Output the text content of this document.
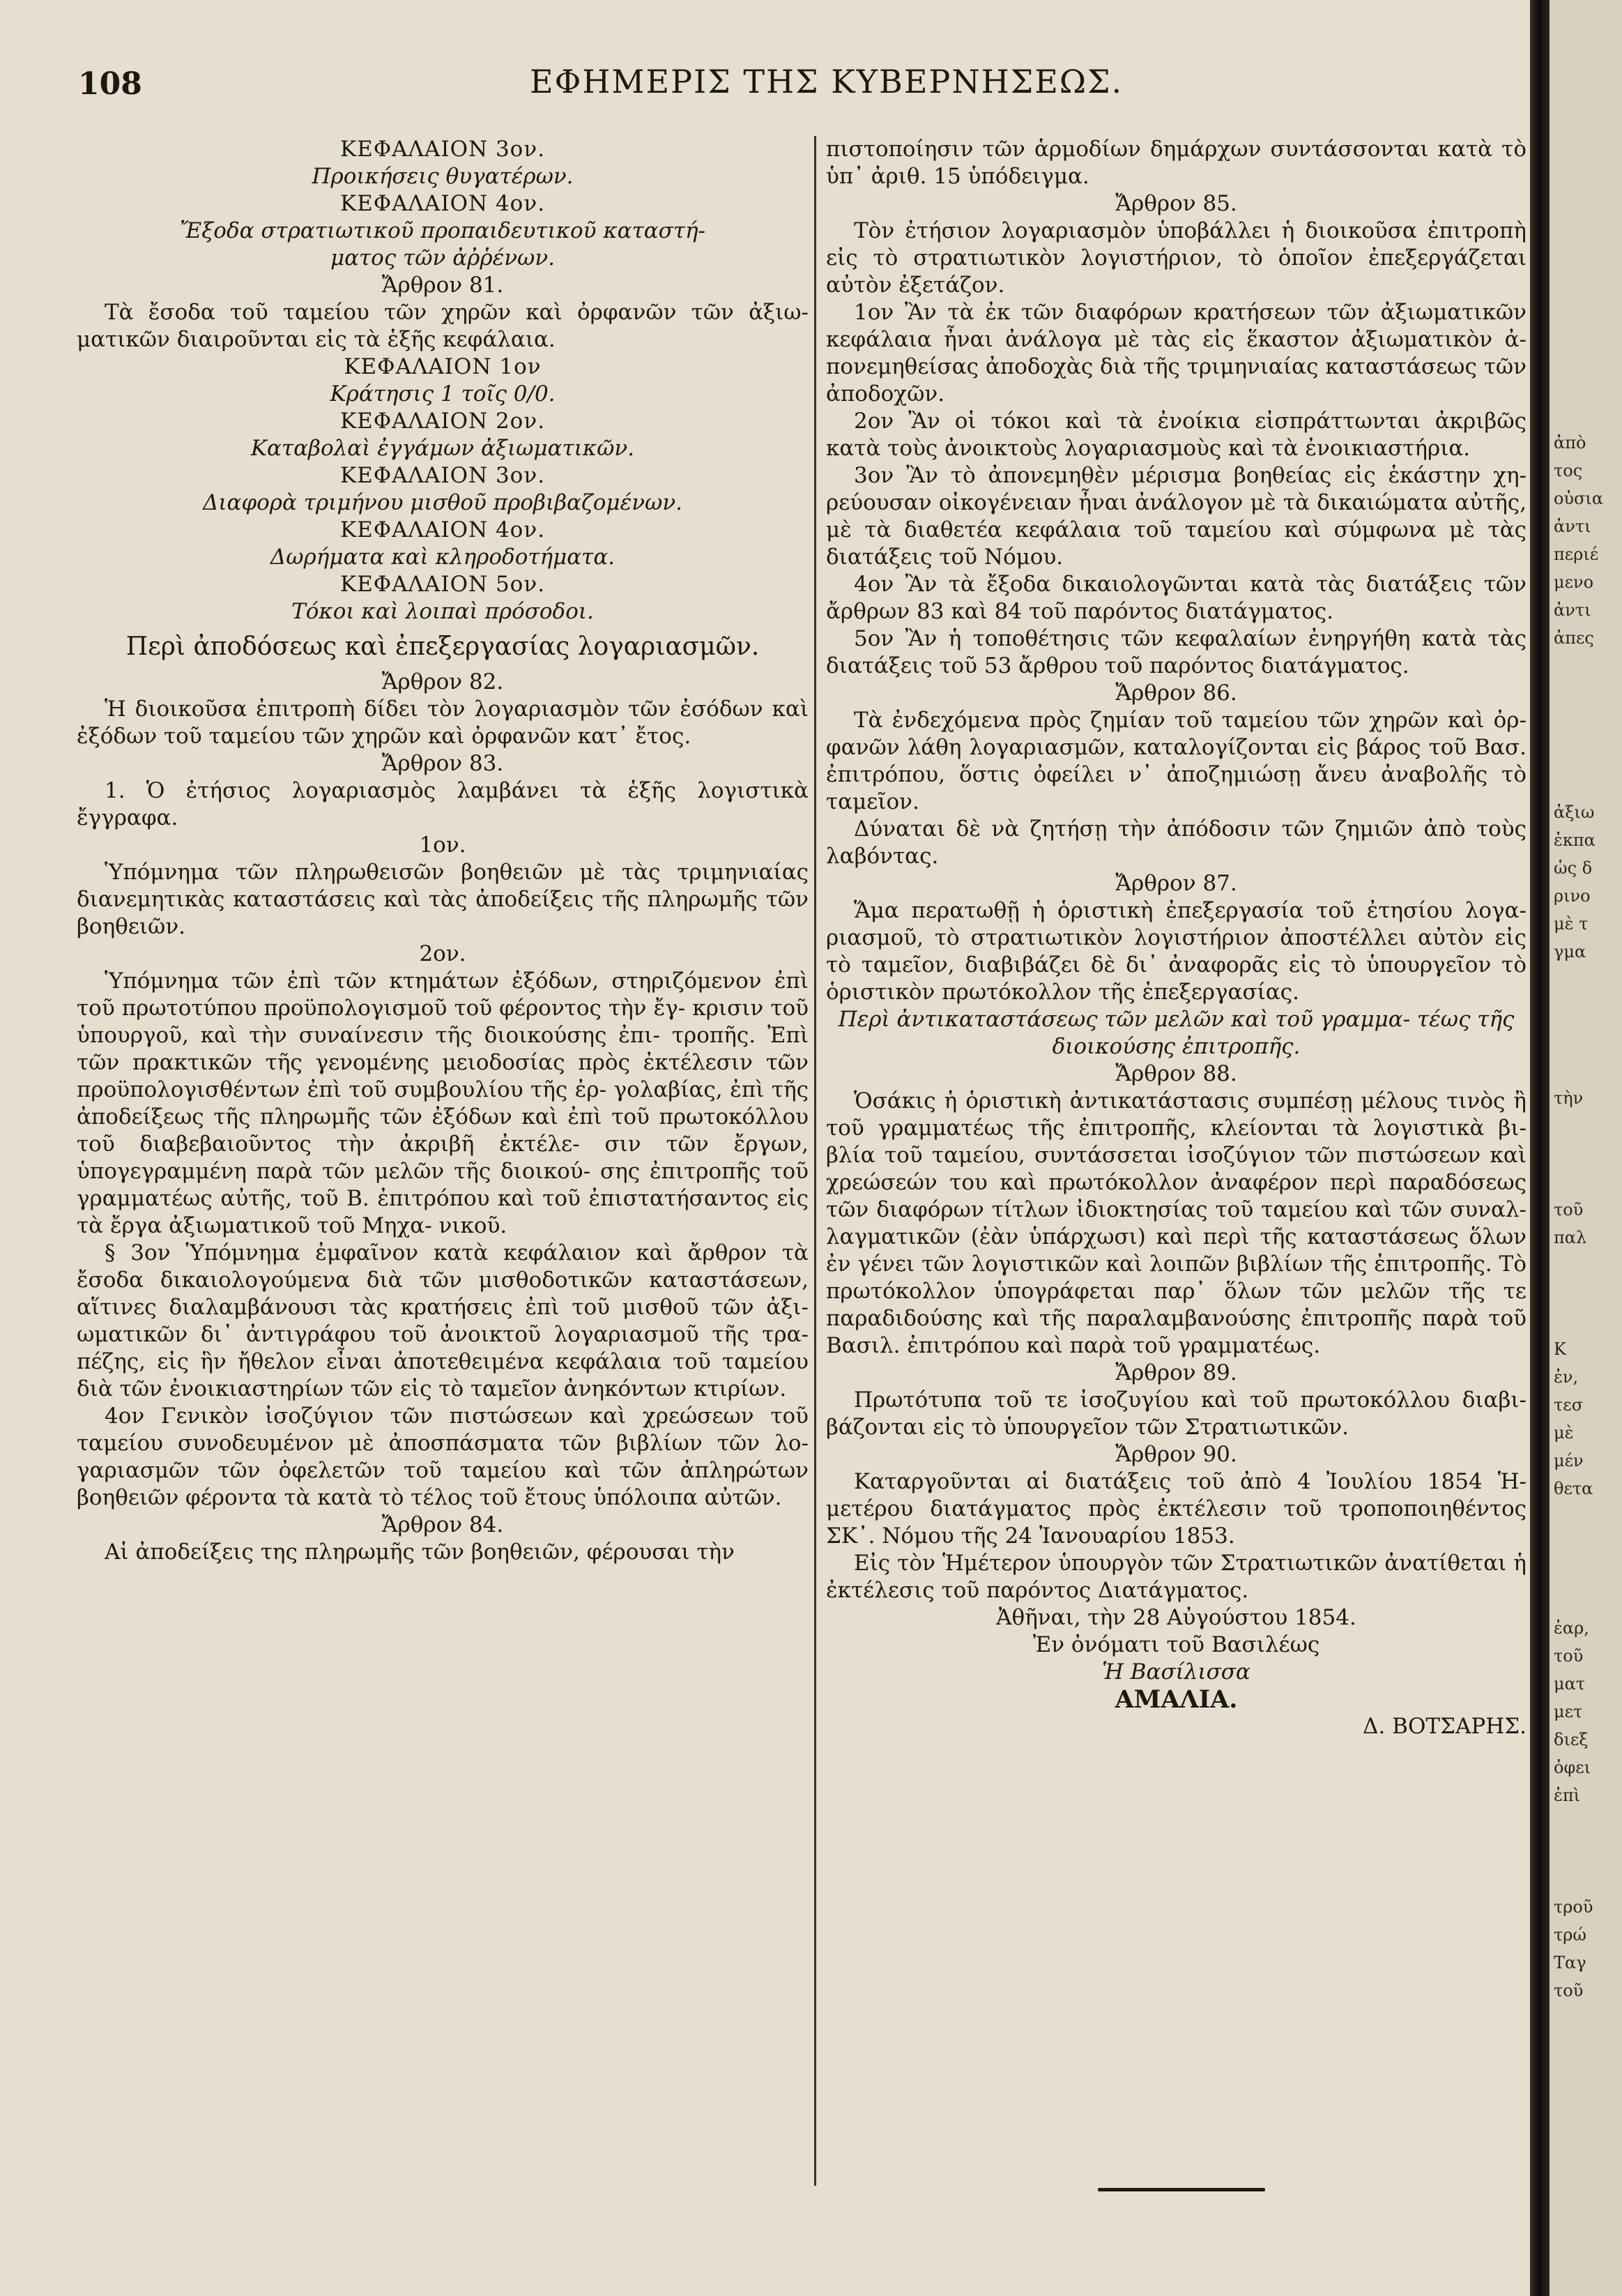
108	ΕΦΗΜΕΡΙΣ ΤΗΣ ΚΥΒΕΡΝΗΣΕΩΣ.

ΚΕΦΑΛΑΙΟΝ 3ον.

Προικήσεις θυγατέρων.

ΚΕΦΑΛΑΙΟΝ 4ον.

Ἔξοδα στρατιωτικοῦ προπαιδευτικοῦ καταστή-

ματος τῶν ἀῤῥένων.

Ἄρθρον 81.

Τὰ ἔσοδα τοῦ ταμείου τῶν χηρῶν καὶ ὀρφανῶν τῶν ἀξιω- ματικῶν διαιροῦνται εἰς τὰ ἑξῆς κεφάλαια.

ΚΕΦΑΛΑΙΟΝ 1ον

Κράτησις 1 τοῖς 0/0.

ΚΕΦΑΛΑΙΟΝ 2ον.

Καταβολαὶ ἐγγάμων ἀξιωματικῶν.

ΚΕΦΑΛΑΙΟΝ 3ον.

Διαφορὰ τριμήνου μισθοῦ προβιβαζομένων.

ΚΕΦΑΛΑΙΟΝ 4ον.

Δωρήματα καὶ κληροδοτήματα.

ΚΕΦΑΛΑΙΟΝ 5ον.

Τόκοι καὶ λοιπαὶ πρόσοδοι.

Περὶ ἀποδόσεως καὶ ἐπεξεργασίας λογαριασμῶν.

Ἄρθρον 82.

Ἡ διοικοῦσα ἐπιτροπὴ δίδει τὸν λογαριασμὸν τῶν ἐσόδων καὶ ἐξόδων τοῦ ταμείου τῶν χηρῶν καὶ ὀρφανῶν κατ᾽ ἔτος.

Ἄρθρον 83.

1. Ὁ ἐτήσιος λογαριασμὸς λαμβάνει τὰ ἑξῆς λογιστικὰ ἔγγραφα.

1ον.

Ὑπόμνημα τῶν πληρωθεισῶν βοηθειῶν μὲ τὰς τριμηνιαίας διανεμητικὰς καταστάσεις καὶ τὰς ἀποδείξεις τῆς πληρωμῆς τῶν βοηθειῶν.

2ον.

Ὑπόμνημα τῶν ἐπὶ τῶν κτημάτων ἐξόδων, στηριζόμενον ἐπὶ τοῦ πρωτοτύπου προϋπολογισμοῦ τοῦ φέροντος τὴν ἔγ- κρισιν τοῦ ὑπουργοῦ, καὶ τὴν συναίνεσιν τῆς διοικούσης ἐπι- τροπῆς. Ἐπὶ τῶν πρακτικῶν τῆς γενομένης μειοδοσίας πρὸς ἐκτέλεσιν τῶν προϋπολογισθέντων ἐπὶ τοῦ συμβουλίου τῆς ἐρ- γολαβίας, ἐπὶ τῆς ἀποδείξεως τῆς πληρωμῆς τῶν ἐξόδων καὶ ἐπὶ τοῦ πρωτοκόλλου τοῦ διαβεβαιοῦντος τὴν ἀκριβῆ ἐκτέλε- σιν τῶν ἔργων, ὑπογεγραμμένη παρὰ τῶν μελῶν τῆς διοικού- σης ἐπιτροπῆς τοῦ γραμματέως αὐτῆς, τοῦ Β. ἐπιτρόπου καὶ τοῦ ἐπιστατήσαντος εἰς τὰ ἔργα ἀξιωματικοῦ τοῦ Μηχα- νικοῦ.

§ 3ον Ὑπόμνημα ἐμφαῖνον κατὰ κεφάλαιον καὶ ἄρθρον τὰ ἔσοδα δικαιολογούμενα διὰ τῶν μισθοδοτικῶν καταστάσεων, αἵτινες διαλαμβάνουσι τὰς κρατήσεις ἐπὶ τοῦ μισθοῦ τῶν ἀξι- ωματικῶν δι᾽ ἀντιγράφου τοῦ ἀνοικτοῦ λογαριασμοῦ τῆς τρα- πέζης, εἰς ἣν ἤθελον εἶναι ἀποτεθειμένα κεφάλαια τοῦ ταμείου διὰ τῶν ἐνοικιαστηρίων τῶν εἰς τὸ ταμεῖον ἀνηκόντων κτιρίων.

4ον Γενικὸν ἰσοζύγιον τῶν πιστώσεων καὶ χρεώσεων τοῦ ταμείου συνοδευμένον μὲ ἀποσπάσματα τῶν βιβλίων τῶν λο- γαριασμῶν τῶν ὀφελετῶν τοῦ ταμείου καὶ τῶν ἀπληρώτων βοηθειῶν φέροντα τὰ κατὰ τὸ τέλος τοῦ ἔτους ὑπόλοιπα αὐτῶν.

Ἄρθρον 84.

Αἱ ἀποδείξεις της πληρωμῆς τῶν βοηθειῶν, φέρουσαι τὴν

πιστοποίησιν τῶν ἁρμοδίων δημάρχων συντάσσονται κατὰ τὸ ὑπ᾽ ἀριθ. 15 ὑπόδειγμα.

Ἄρθρον 85.

Τὸν ἐτήσιον λογαριασμὸν ὑποβάλλει ἡ διοικοῦσα ἐπιτροπὴ εἰς τὸ στρατιωτικὸν λογιστήριον, τὸ ὁποῖον ἐπεξεργάζεται αὐτὸν ἐξετάζον.

1ον Ἂν τὰ ἐκ τῶν διαφόρων κρατήσεων τῶν ἀξιωματικῶν κεφάλαια ἦναι ἀνάλογα μὲ τὰς εἰς ἕκαστον ἀξιωματικὸν ἀ- πονεμηθείσας ἀποδοχὰς διὰ τῆς τριμηνιαίας καταστάσεως τῶν ἀποδοχῶν.

2ον Ἂν οἱ τόκοι καὶ τὰ ἐνοίκια εἰσπράττωνται ἀκριβῶς κατὰ τοὺς ἀνοικτοὺς λογαριασμοὺς καὶ τὰ ἐνοικιαστήρια.

3ον Ἂν τὸ ἀπονεμηθὲν μέρισμα βοηθείας εἰς ἑκάστην χη- ρεύουσαν οἰκογένειαν ἦναι ἀνάλογον μὲ τὰ δικαιώματα αὐτῆς, μὲ τὰ διαθετέα κεφάλαια τοῦ ταμείου καὶ σύμφωνα μὲ τὰς διατάξεις τοῦ Νόμου.

4ον Ἂν τὰ ἔξοδα δικαιολογῶνται κατὰ τὰς διατάξεις τῶν ἄρθρων 83 καὶ 84 τοῦ παρόντος διατάγματος.

5ον Ἂν ἡ τοποθέτησις τῶν κεφαλαίων ἐνηργήθη κατὰ τὰς διατάξεις τοῦ 53 ἄρθρου τοῦ παρόντος διατάγματος.

Ἄρθρον 86.

Τὰ ἐνδεχόμενα πρὸς ζημίαν τοῦ ταμείου τῶν χηρῶν καὶ ὀρ- φανῶν λάθη λογαριασμῶν, καταλογίζονται εἰς βάρος τοῦ Βασ. ἐπιτρόπου, ὅστις ὀφείλει ν᾽ ἀποζημιώσῃ ἄνευ ἀναβολῆς τὸ ταμεῖον.

Δύναται δὲ νὰ ζητήσῃ τὴν ἀπόδοσιν τῶν ζημιῶν ἀπὸ τοὺς λαβόντας.

Ἄρθρον 87.

Ἅμα περατωθῇ ἡ ὁριστικὴ ἐπεξεργασία τοῦ ἐτησίου λογα- ριασμοῦ, τὸ στρατιωτικὸν λογιστήριον ἀποστέλλει αὐτὸν εἰς τὸ ταμεῖον, διαβιβάζει δὲ δι᾽ ἀναφορᾶς εἰς τὸ ὑπουργεῖον τὸ ὁριστικὸν πρωτόκολλον τῆς ἐπεξεργασίας.

Περὶ ἀντικαταστάσεως τῶν μελῶν καὶ τοῦ γραμμα- τέως τῆς διοικούσης ἐπιτροπῆς.

Ἄρθρον 88.

Ὁσάκις ἡ ὁριστικὴ ἀντικατάστασις συμπέσῃ μέλους τινὸς ἢ τοῦ γραμματέως τῆς ἐπιτροπῆς, κλείονται τὰ λογιστικὰ βι- βλία τοῦ ταμείου, συντάσσεται ἰσοζύγιον τῶν πιστώσεων καὶ χρεώσεών του καὶ πρωτόκολλον ἀναφέρον περὶ παραδόσεως τῶν διαφόρων τίτλων ἰδιοκτησίας τοῦ ταμείου καὶ τῶν συναλ- λαγματικῶν (ἐὰν ὑπάρχωσι) καὶ περὶ τῆς καταστάσεως ὅλων ἐν γένει τῶν λογιστικῶν καὶ λοιπῶν βιβλίων τῆς ἐπιτροπῆς. Τὸ πρωτόκολλον ὑπογράφεται παρ᾽ ὅλων τῶν μελῶν τῆς τε παραδιδούσης καὶ τῆς παραλαμβανούσης ἐπιτροπῆς παρὰ τοῦ Βασιλ. ἐπιτρόπου καὶ παρὰ τοῦ γραμματέως.

Ἄρθρον 89.

Πρωτότυπα τοῦ τε ἰσοζυγίου καὶ τοῦ πρωτοκόλλου διαβι- βάζονται εἰς τὸ ὑπουργεῖον τῶν Στρατιωτικῶν.

Ἄρθρον 90.

Καταργοῦνται αἱ διατάξεις τοῦ ἀπὸ 4 Ἰουλίου 1854 Ἡ- μετέρου διατάγματος πρὸς ἐκτέλεσιν τοῦ τροποποιηθέντος ΣΚ᾽. Νόμου τῆς 24 Ἰανουαρίου 1853.

Εἰς τὸν Ἡμέτερον ὑπουργὸν τῶν Στρατιωτικῶν ἀνατίθεται ἡ ἐκτέλεσις τοῦ παρόντος Διατάγματος.

Ἀθῆναι, τὴν 28 Αὐγούστου 1854.

Ἐν ὀνόματι τοῦ Βασιλέως

Ἡ Βασίλισσα

ΑΜΑΛΙΑ.

Δ. ΒΟΤΣΑΡΗΣ.

ἀπὸ
τος
οὐσια
ἀντι
περιέ
μενο
ἀντι
ἀπες
ἀξιω
ἐκπα
ὡς δ
ρινο
μὲ τ
γμα
τὴν
τοῦ
παλ
Κ
ἐν,
τεσ
μὲ
μέν
θετα
ἐαρ,
τοῦ
ματ
μετ
διεξ
ὀφει
ἐπὶ
τροῦ
τρώ
Ταγ
τοῦ
